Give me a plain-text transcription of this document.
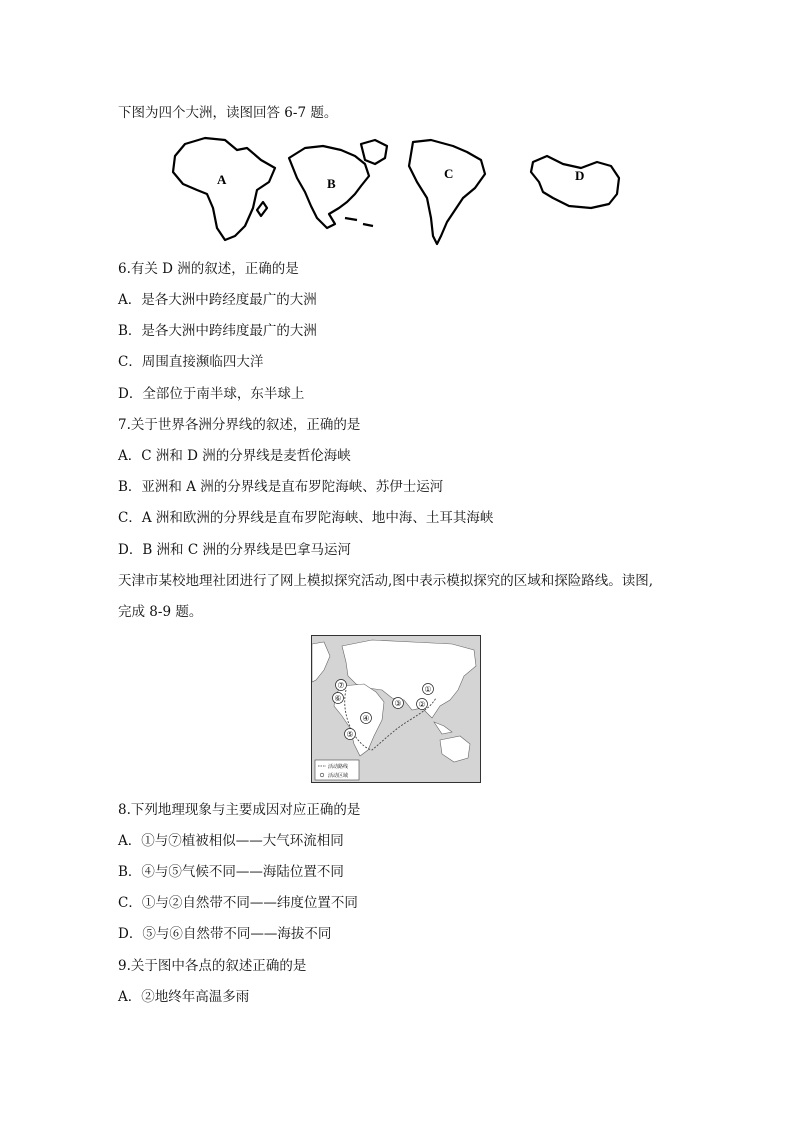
下图为四个大洲，读图回答 6-7 题。
A	B
C	D
6.有关 D 洲的叙述，正确的是
A．是各大洲中跨经度最广的大洲
B．是各大洲中跨纬度最广的大洲
C．周围直接濒临四大洋
D．全部位于南半球，东半球上
7.关于世界各洲分界线的叙述，正确的是
A．C 洲和 D 洲的分界线是麦哲伦海峡
B．亚洲和 A 洲的分界线是直布罗陀海峡、苏伊士运河
C．A 洲和欧洲的分界线是直布罗陀海峡、地中海、土耳其海峡
D．B 洲和 C 洲的分界线是巴拿马运河
天津市某校地理社团进行了网上模拟探究活动,图中表示模拟探究的区域和探险路线。读图,
完成 8-9 题。
①
②
③
④
⑤
⑥
⑦
活动路线
活动区域
8.下列地理现象与主要成因对应正确的是
A．①与⑦植被相似——大气环流相同
B．④与⑤气候不同——海陆位置不同
C．①与②自然带不同——纬度位置不同
D．⑤与⑥自然带不同——海拔不同
9.关于图中各点的叙述正确的是
A．②地终年高温多雨
